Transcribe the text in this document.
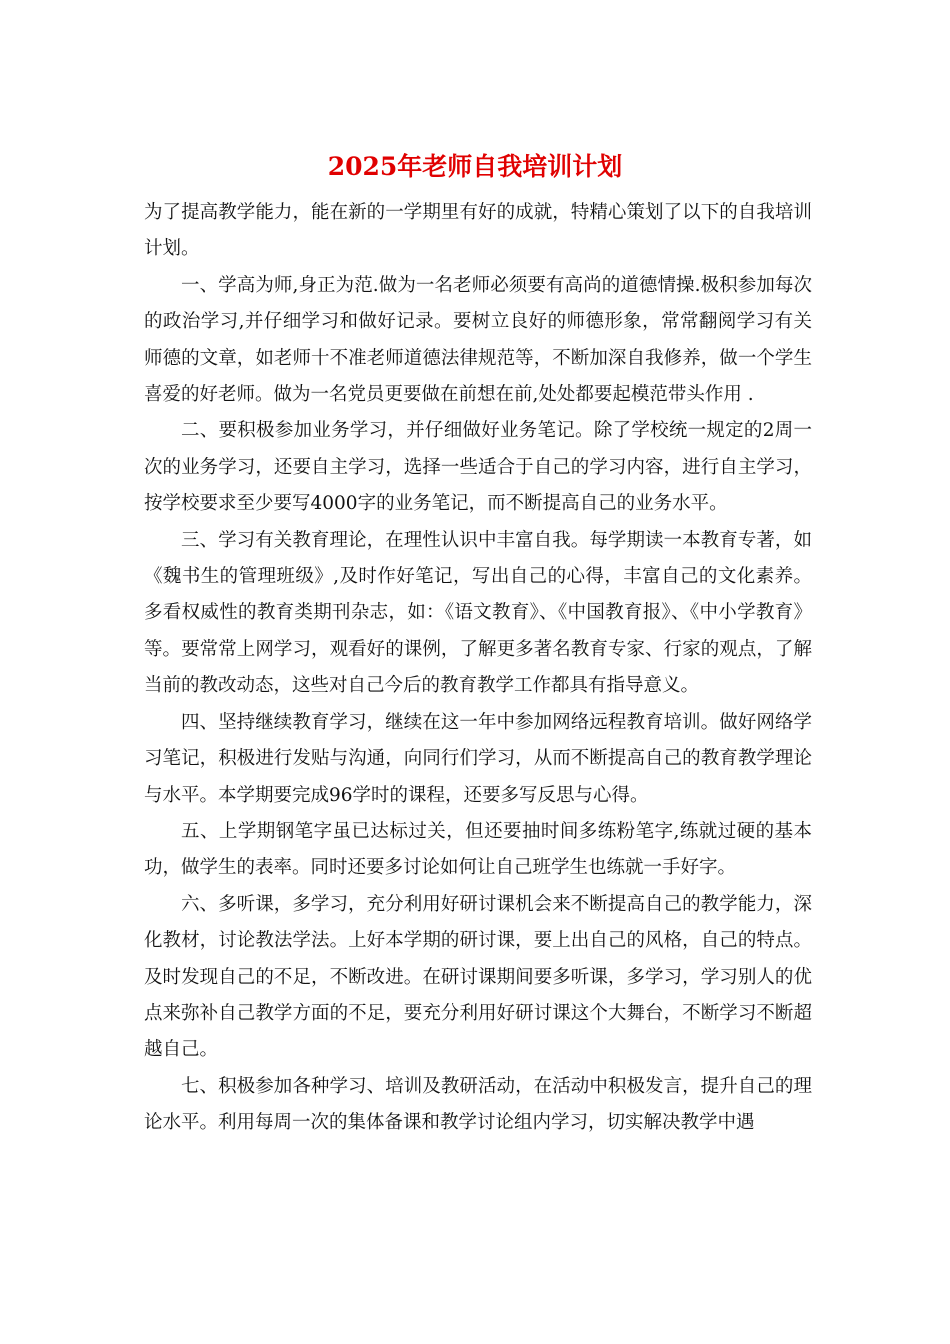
2025年老师自我培训计划

为了提高教学能力，能在新的一学期里有好的成就，特精心策划了以下的自我培训计划。

一、学高为师,身正为范.做为一名老师必须要有高尚的道德情操.极积参加每次的政治学习,并仔细学习和做好记录。要树立良好的师德形象，常常翻阅学习有关师德的文章，如老师十不准老师道德法律规范等，不断加深自我修养，做一个学生喜爱的好老师。做为一名党员更要做在前想在前,处处都要起模范带头作用 .

二、要积极参加业务学习，并仔细做好业务笔记。除了学校统一规定的2周一次的业务学习，还要自主学习，选择一些适合于自己的学习内容，进行自主学习，按学校要求至少要写4000字的业务笔记，而不断提高自己的业务水平。

三、学习有关教育理论，在理性认识中丰富自我。每学期读一本教育专著，如《魏书生的管理班级》,及时作好笔记，写出自己的心得，丰富自己的文化素养。多看权威性的教育类期刊杂志，如：《语文教育》、《中国教育报》、《中小学教育》等。要常常上网学习，观看好的课例，了解更多著名教育专家、行家的观点，了解当前的教改动态，这些对自己今后的教育教学工作都具有指导意义。

四、坚持继续教育学习，继续在这一年中参加网络远程教育培训。做好网络学习笔记，积极进行发贴与沟通，向同行们学习，从而不断提高自己的教育教学理论与水平。本学期要完成96学时的课程，还要多写反思与心得。

五、上学期钢笔字虽已达标过关，但还要抽时间多练粉笔字,练就过硬的基本功，做学生的表率。同时还要多讨论如何让自己班学生也练就一手好字。

六、多听课，多学习，充分利用好研讨课机会来不断提高自己的教学能力，深化教材，讨论教法学法。上好本学期的研讨课，要上出自己的风格，自己的特点。及时发现自己的不足，不断改进。在研讨课期间要多听课，多学习，学习别人的优点来弥补自己教学方面的不足，要充分利用好研讨课这个大舞台，不断学习不断超越自己。

七、积极参加各种学习、培训及教研活动，在活动中积极发言，提升自己的理论水平。利用每周一次的集体备课和教学讨论组内学习，切实解决教学中遇
